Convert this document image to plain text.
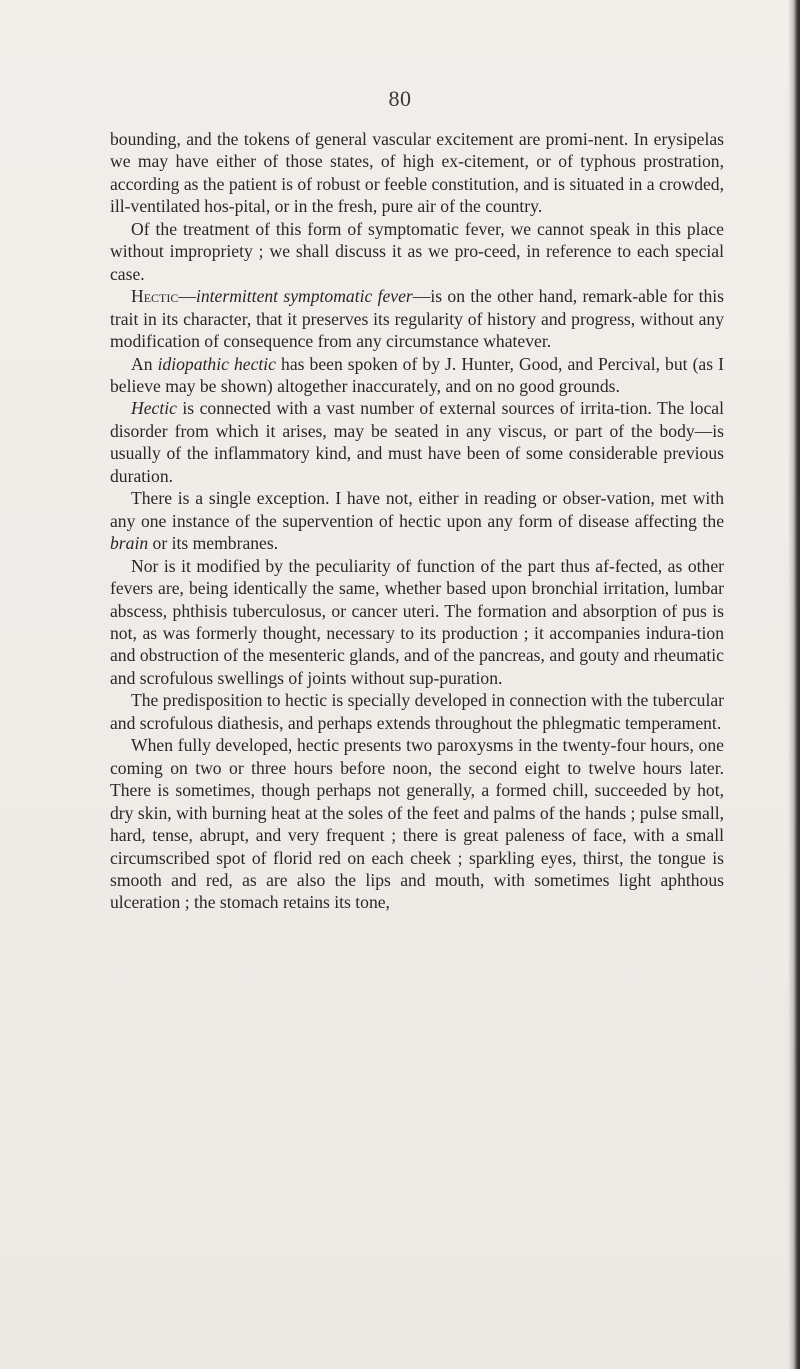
80

bounding, and the tokens of general vascular excitement are promi-nent. In erysipelas we may have either of those states, of high ex-citement, or of typhous prostration, according as the patient is of robust or feeble constitution, and is situated in a crowded, ill-ventilated hos-pital, or in the fresh, pure air of the country.

Of the treatment of this form of symptomatic fever, we cannot speak in this place without impropriety ; we shall discuss it as we pro-ceed, in reference to each special case.

Hectic—intermittent symptomatic fever—is on the other hand, remark-able for this trait in its character, that it preserves its regularity of history and progress, without any modification of consequence from any circumstance whatever.

An idiopathic hectic has been spoken of by J. Hunter, Good, and Percival, but (as I believe may be shown) altogether inaccurately, and on no good grounds.

Hectic is connected with a vast number of external sources of irrita-tion. The local disorder from which it arises, may be seated in any viscus, or part of the body—is usually of the inflammatory kind, and must have been of some considerable previous duration.

There is a single exception. I have not, either in reading or obser-vation, met with any one instance of the supervention of hectic upon any form of disease affecting the brain or its membranes.

Nor is it modified by the peculiarity of function of the part thus af-fected, as other fevers are, being identically the same, whether based upon bronchial irritation, lumbar abscess, phthisis tuberculosus, or cancer uteri. The formation and absorption of pus is not, as was formerly thought, necessary to its production ; it accompanies indura-tion and obstruction of the mesenteric glands, and of the pancreas, and gouty and rheumatic and scrofulous swellings of joints without sup-puration.

The predisposition to hectic is specially developed in connection with the tubercular and scrofulous diathesis, and perhaps extends throughout the phlegmatic temperament.

When fully developed, hectic presents two paroxysms in the twenty-four hours, one coming on two or three hours before noon, the second eight to twelve hours later. There is sometimes, though perhaps not generally, a formed chill, succeeded by hot, dry skin, with burning heat at the soles of the feet and palms of the hands ; pulse small, hard, tense, abrupt, and very frequent ; there is great paleness of face, with a small circumscribed spot of florid red on each cheek ; sparkling eyes, thirst, the tongue is smooth and red, as are also the lips and mouth, with sometimes light aphthous ulceration ; the stomach retains its tone,
